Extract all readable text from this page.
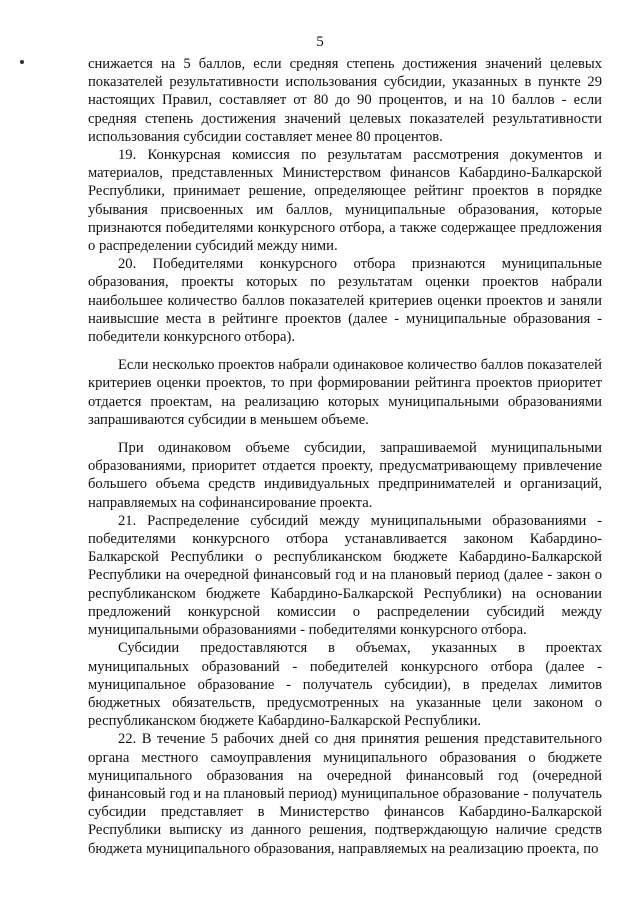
5

снижается на 5 баллов, если средняя степень достижения значений целевых показателей результативности использования субсидии, указанных в пункте 29 настоящих Правил, составляет от 80 до 90 процентов, и на 10 баллов - если средняя степень достижения значений целевых показателей результативности использования субсидии составляет менее 80 процентов.

19. Конкурсная комиссия по результатам рассмотрения документов и материалов, представленных Министерством финансов Кабардино-Балкарской Республики, принимает решение, определяющее рейтинг проектов в порядке убывания присвоенных им баллов, муниципальные образования, которые признаются победителями конкурсного отбора, а также содержащее предложения о распределении субсидий между ними.

20. Победителями конкурсного отбора признаются муниципальные образования, проекты которых по результатам оценки проектов набрали наибольшее количество баллов показателей критериев оценки проектов и заняли наивысшие места в рейтинге проектов (далее - муниципальные образования - победители конкурсного отбора).

Если несколько проектов набрали одинаковое количество баллов показателей критериев оценки проектов, то при формировании рейтинга проектов приоритет отдается проектам, на реализацию которых муниципальными образованиями запрашиваются субсидии в меньшем объеме.

При одинаковом объеме субсидии, запрашиваемой муниципальными образованиями, приоритет отдается проекту, предусматривающему привлечение большего объема средств индивидуальных предпринимателей и организаций, направляемых на софинансирование проекта.

21. Распределение субсидий между муниципальными образованиями - победителями конкурсного отбора устанавливается законом Кабардино-Балкарской Республики о республиканском бюджете Кабардино-Балкарской Республики на очередной финансовый год и на плановый период (далее - закон о республиканском бюджете Кабардино-Балкарской Республики) на основании предложений конкурсной комиссии о распределении субсидий между муниципальными образованиями - победителями конкурсного отбора.

Субсидии предоставляются в объемах, указанных в проектах муниципальных образований - победителей конкурсного отбора (далее - муниципальное образование - получатель субсидии), в пределах лимитов бюджетных обязательств, предусмотренных на указанные цели законом о республиканском бюджете Кабардино-Балкарской Республики.

22. В течение 5 рабочих дней со дня принятия решения представительного органа местного самоуправления муниципального образования о бюджете муниципального образования на очередной финансовый год (очередной финансовый год и на плановый период) муниципальное образование - получатель субсидии представляет в Министерство финансов Кабардино-Балкарской Республики выписку из данного решения, подтверждающую наличие средств бюджета муниципального образования, направляемых на реализацию проекта, по
